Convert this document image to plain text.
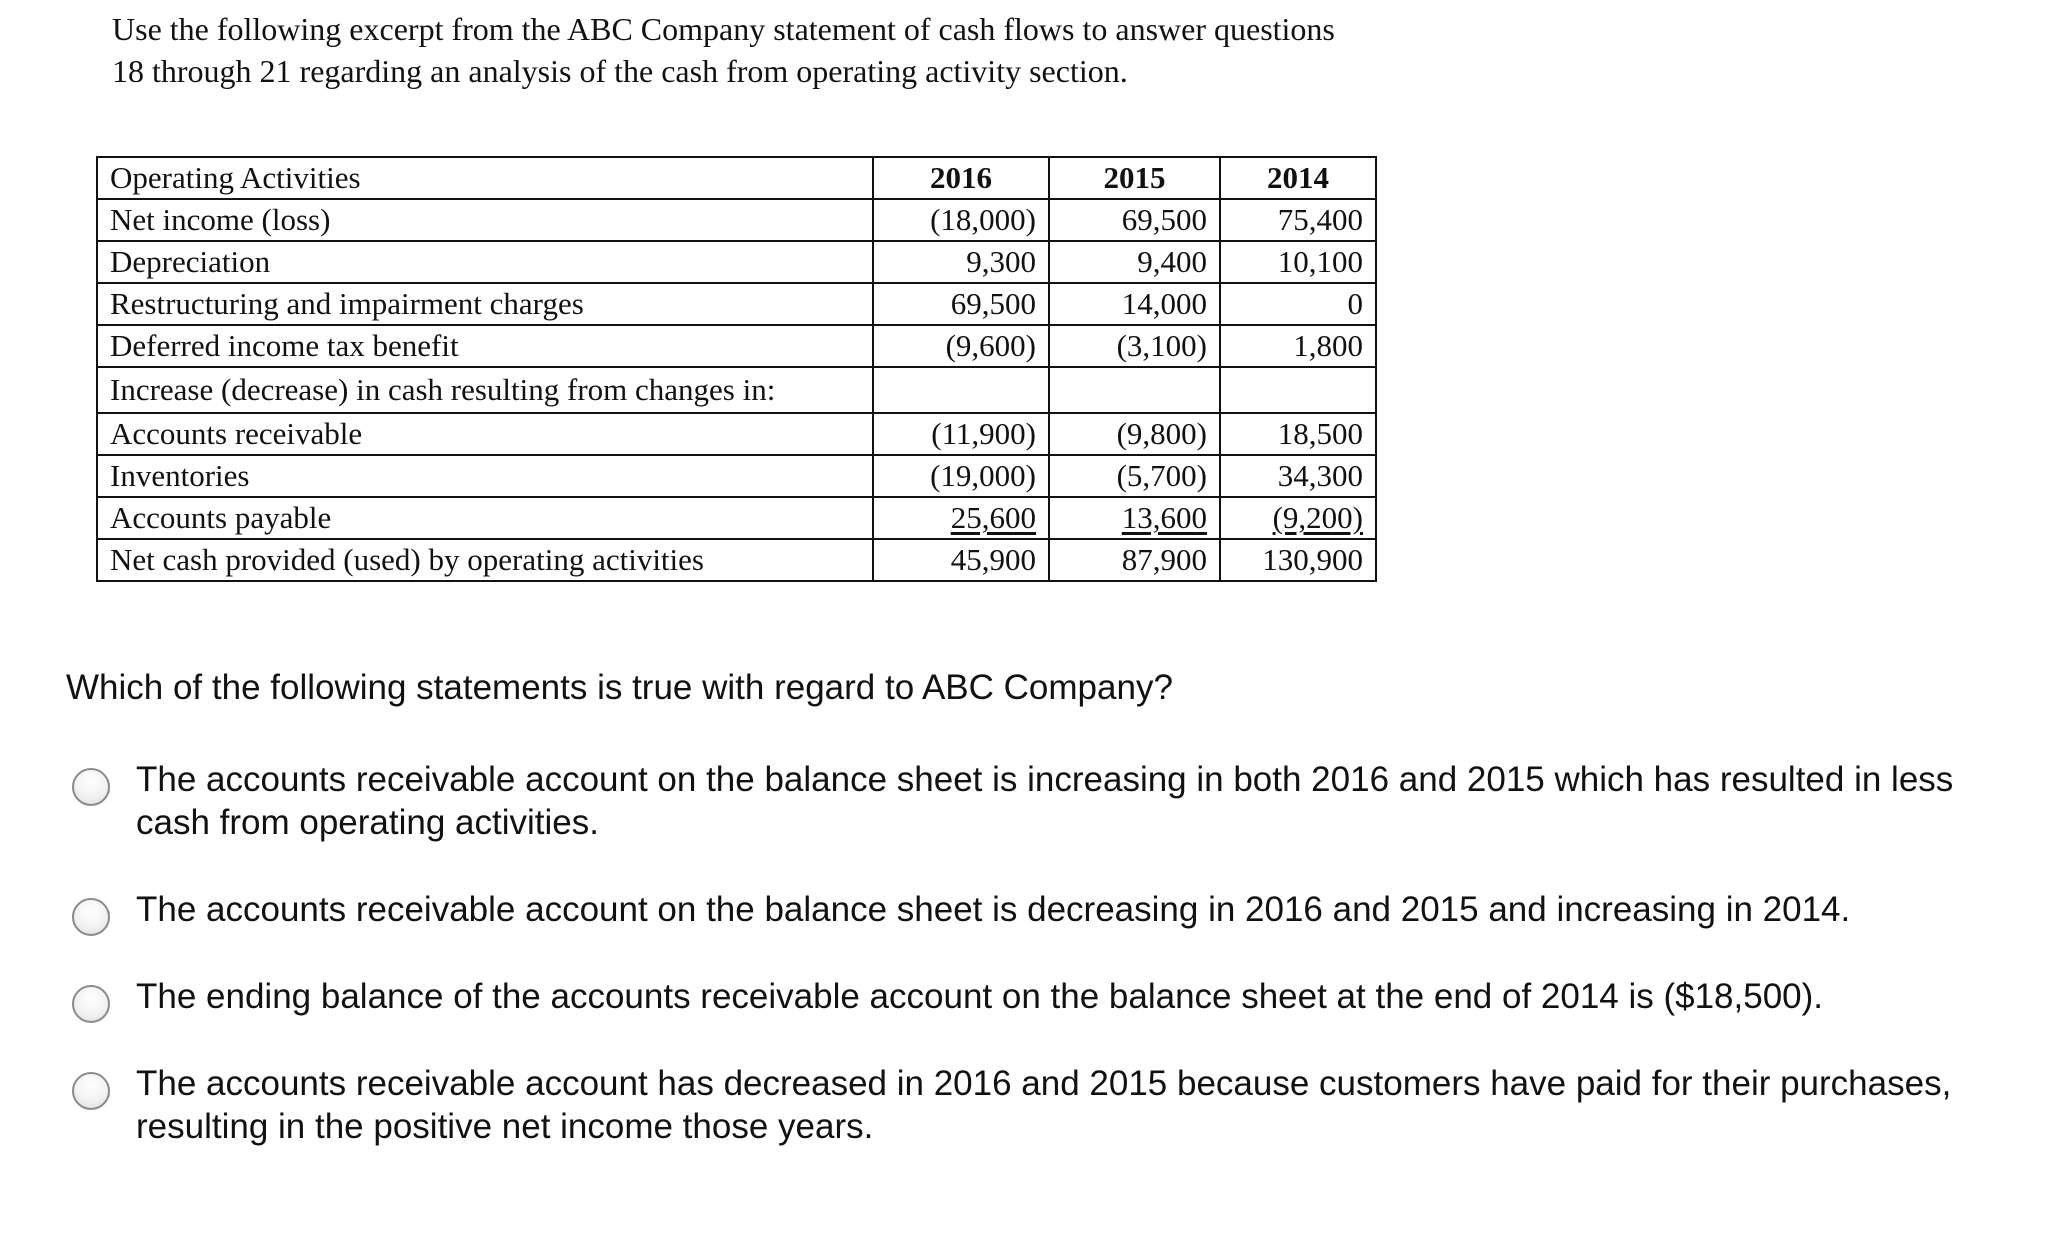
Use the following excerpt from the ABC Company statement of cash flows to answer questions

18 through 21 regarding an analysis of the cash from operating activity section.

Operating Activities	2016	2015	2014
Net income (loss)	(18,000)	69,500	75,400
Depreciation	9,300	9,400	10,100
Restructuring and impairment charges	69,500	14,000	0
Deferred income tax benefit	(9,600)	(3,100)	1,800
Increase (decrease) in cash resulting from changes in:			
Accounts receivable	(11,900)	(9,800)	18,500
Inventories	(19,000)	(5,700)	34,300
Accounts payable	25,600	13,600	(9,200)
Net cash provided (used) by operating activities	45,900	87,900	130,900

Which of the following statements is true with regard to ABC Company?

The accounts receivable account on the balance sheet is increasing in both 2016 and 2015 which has resulted in less cash from operating activities.
The accounts receivable account on the balance sheet is decreasing in 2016 and 2015 and increasing in 2014.
The ending balance of the accounts receivable account on the balance sheet at the end of 2014 is ($18,500).
The accounts receivable account has decreased in 2016 and 2015 because customers have paid for their purchases, resulting in the positive net income those years.
